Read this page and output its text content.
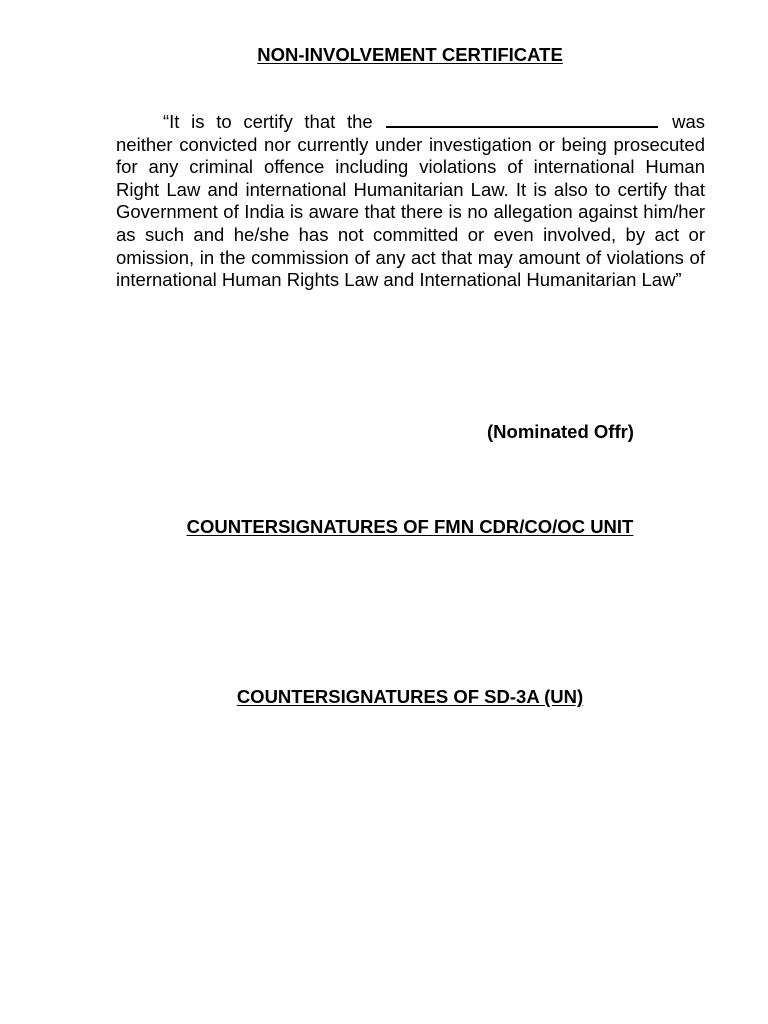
NON-INVOLVEMENT CERTIFICATE
“It is to certify that the	was neither convicted nor currently under investigation or being prosecuted for any criminal offence including violations of international Human Right Law and international Humanitarian Law. It is also to certify that Government of India is aware that there is no allegation against him/her as such and he/she has not committed or even involved, by act or omission, in the commission of any act that may amount of violations of international Human Rights Law and International Humanitarian Law”
(Nominated Offr)
COUNTERSIGNATURES OF FMN CDR/CO/OC UNIT
COUNTERSIGNATURES OF SD-3A (UN)
